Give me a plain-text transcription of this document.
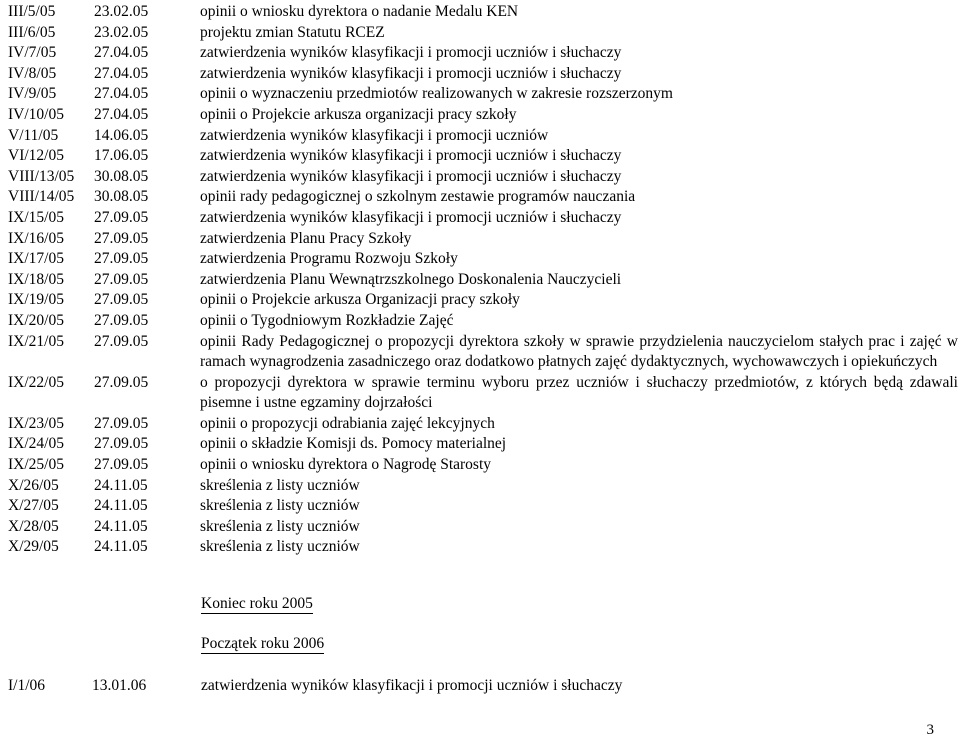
III/5/05	23.02.05	opinii o wniosku dyrektora o nadanie Medalu KEN
III/6/05	23.02.05	projektu zmian Statutu RCEZ
IV/7/05	27.04.05	zatwierdzenia wyników klasyfikacji i promocji uczniów i słuchaczy
IV/8/05	27.04.05	zatwierdzenia wyników klasyfikacji i promocji uczniów i słuchaczy
IV/9/05	27.04.05	opinii o wyznaczeniu przedmiotów realizowanych w zakresie rozszerzonym
IV/10/05	27.04.05	opinii o Projekcie arkusza organizacji pracy szkoły
V/11/05	14.06.05	zatwierdzenia wyników klasyfikacji i promocji uczniów
VI/12/05	17.06.05	zatwierdzenia wyników klasyfikacji i promocji uczniów i słuchaczy
VIII/13/05	30.08.05	zatwierdzenia wyników klasyfikacji i promocji uczniów i słuchaczy
VIII/14/05	30.08.05	opinii rady pedagogicznej o szkolnym zestawie programów nauczania
IX/15/05	27.09.05	zatwierdzenia wyników klasyfikacji i promocji uczniów i słuchaczy
IX/16/05	27.09.05	zatwierdzenia Planu Pracy Szkoły
IX/17/05	27.09.05	zatwierdzenia Programu Rozwoju Szkoły
IX/18/05	27.09.05	zatwierdzenia Planu Wewnątrzszkolnego Doskonalenia Nauczycieli
IX/19/05	27.09.05	opinii o Projekcie arkusza Organizacji pracy szkoły
IX/20/05	27.09.05	opinii o Tygodniowym Rozkładzie Zajęć
IX/21/05	27.09.05	opinii Rady Pedagogicznej o propozycji dyrektora szkoły w sprawie przydzielenia nauczycielom stałych prac i zajęć w ramach wynagrodzenia zasadniczego oraz dodatkowo płatnych zajęć dydaktycznych, wychowawczych i opiekuńczych
IX/22/05	27.09.05	o propozycji dyrektora w sprawie terminu wyboru przez uczniów i słuchaczy przedmiotów, z których będą zdawali pisemne i ustne egzaminy dojrzałości
IX/23/05	27.09.05	opinii o propozycji odrabiania zajęć lekcyjnych
IX/24/05	27.09.05	opinii o składzie Komisji ds. Pomocy materialnej
IX/25/05	27.09.05	opinii o wniosku dyrektora o Nagrodę Starosty
X/26/05	24.11.05	skreślenia z listy uczniów
X/27/05	24.11.05	skreślenia z listy uczniów
X/28/05	24.11.05	skreślenia z listy uczniów
X/29/05	24.11.05	skreślenia z listy uczniów
Koniec roku 2005
Początek roku 2006
I/1/06	13.01.06	zatwierdzenia wyników klasyfikacji i promocji uczniów i słuchaczy
3
